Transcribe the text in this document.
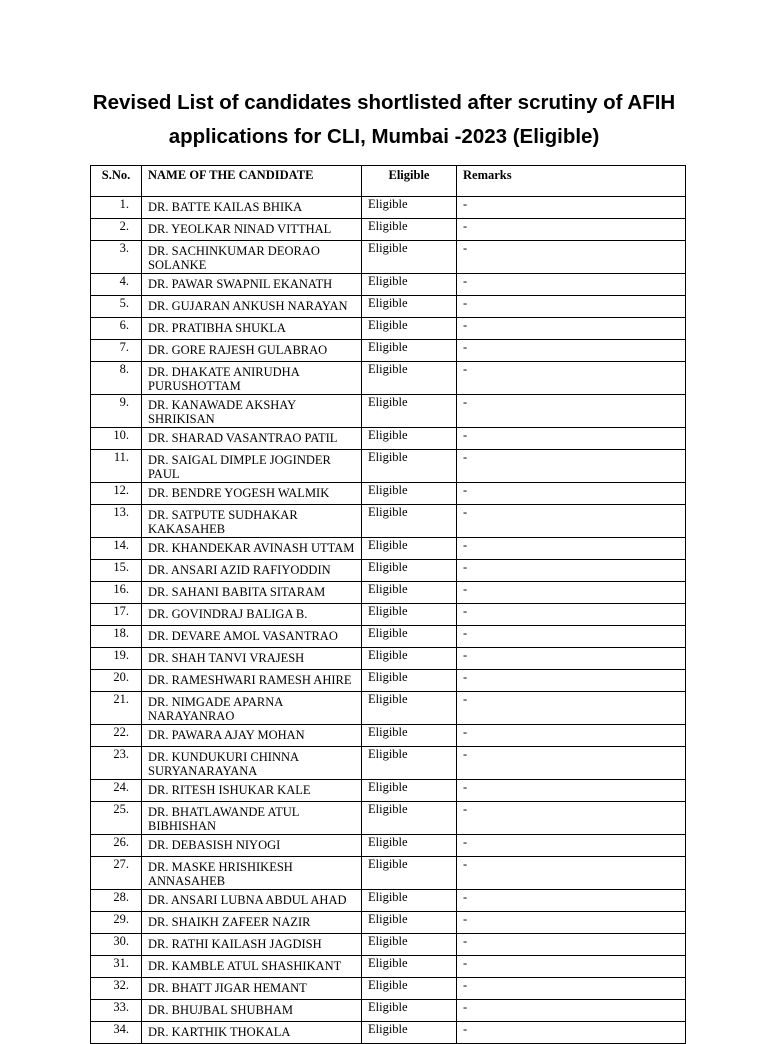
Revised List of candidates shortlisted after scrutiny of AFIH
applications for CLI, Mumbai -2023 (Eligible)
S.No.	NAME OF THE CANDIDATE	Eligible	Remarks
1.	DR. BATTE KAILAS BHIKA	Eligible	-
2.	DR. YEOLKAR NINAD VITTHAL	Eligible	-
3.	DR. SACHINKUMAR DEORAO SOLANKE	Eligible	-
4.	DR. PAWAR SWAPNIL EKANATH	Eligible	-
5.	DR. GUJARAN ANKUSH NARAYAN	Eligible	-
6.	DR. PRATIBHA SHUKLA	Eligible	-
7.	DR. GORE RAJESH GULABRAO	Eligible	-
8.	DR. DHAKATE ANIRUDHA PURUSHOTTAM	Eligible	-
9.	DR. KANAWADE AKSHAY SHRIKISAN	Eligible	-
10.	DR. SHARAD VASANTRAO PATIL	Eligible	-
11.	DR. SAIGAL DIMPLE JOGINDER PAUL	Eligible	-
12.	DR. BENDRE YOGESH WALMIK	Eligible	-
13.	DR. SATPUTE SUDHAKAR KAKASAHEB	Eligible	-
14.	DR. KHANDEKAR AVINASH UTTAM	Eligible	-
15.	DR. ANSARI AZID RAFIYODDIN	Eligible	-
16.	DR. SAHANI BABITA SITARAM	Eligible	-
17.	DR. GOVINDRAJ BALIGA B.	Eligible	-
18.	DR. DEVARE AMOL VASANTRAO	Eligible	-
19.	DR. SHAH TANVI VRAJESH	Eligible	-
20.	DR. RAMESHWARI RAMESH AHIRE	Eligible	-
21.	DR. NIMGADE APARNA NARAYANRAO	Eligible	-
22.	DR. PAWARA AJAY MOHAN	Eligible	-
23.	DR. KUNDUKURI CHINNA SURYANARAYANA	Eligible	-
24.	DR. RITESH ISHUKAR KALE	Eligible	-
25.	DR. BHATLAWANDE ATUL BIBHISHAN	Eligible	-
26.	DR. DEBASISH NIYOGI	Eligible	-
27.	DR. MASKE HRISHIKESH ANNASAHEB	Eligible	-
28.	DR. ANSARI LUBNA ABDUL AHAD	Eligible	-
29.	DR. SHAIKH ZAFEER NAZIR	Eligible	-
30.	DR. RATHI KAILASH JAGDISH	Eligible	-
31.	DR. KAMBLE ATUL SHASHIKANT	Eligible	-
32.	DR. BHATT JIGAR HEMANT	Eligible	-
33.	DR. BHUJBAL SHUBHAM	Eligible	-
34.	DR. KARTHIK THOKALA	Eligible	-
